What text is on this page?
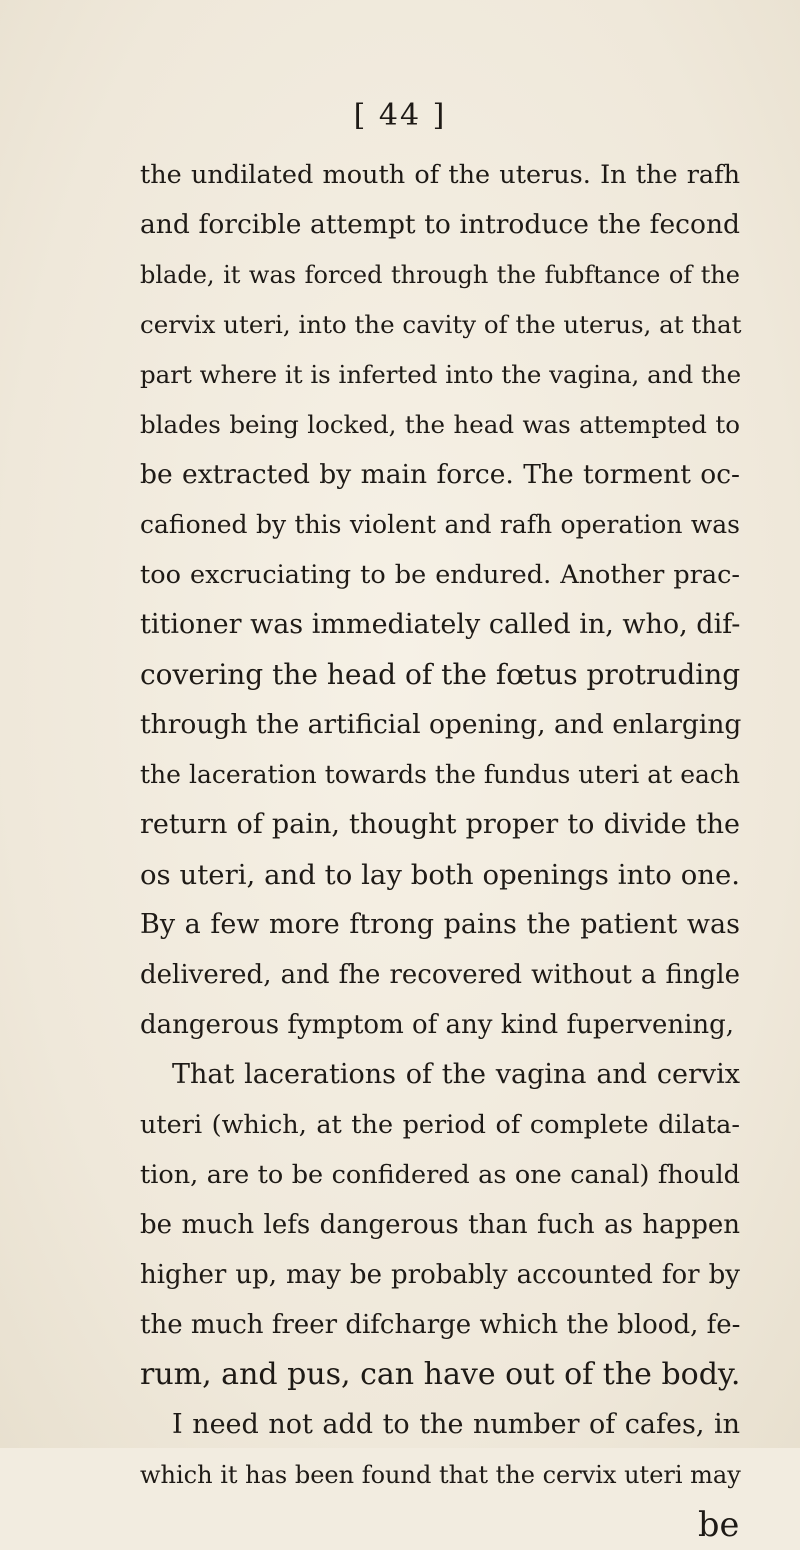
[ 44 ]
the undilated mouth of the uterus. In the rafh
and forcible attempt to introduce the fecond
blade, it was forced through the fubftance of the
cervix uteri, into the cavity of the uterus, at that
part where it is inferted into the vagina, and the
blades being locked, the head was attempted to
be extracted by main force. The torment oc-
cafioned by this violent and rafh operation was
too excruciating to be endured. Another prac-
titioner was immediately called in, who, dif-
covering the head of the fœtus protruding
through the artificial opening, and enlarging
the laceration towards the fundus uteri at each
return of pain, thought proper to divide the
os uteri, and to lay both openings into one.
By a few more ftrong pains the patient was
delivered, and fhe recovered without a fingle
dangerous fymptom of any kind fupervening,
That lacerations of the vagina and cervix
uteri (which, at the period of complete dilata-
tion, are to be confidered as one canal) fhould
be much lefs dangerous than fuch as happen
higher up, may be probably accounted for by
the much freer difcharge which the blood, fe-
rum, and pus, can have out of the body.
I need not add to the number of cafes, in
which it has been found that the cervix uteri may
be
